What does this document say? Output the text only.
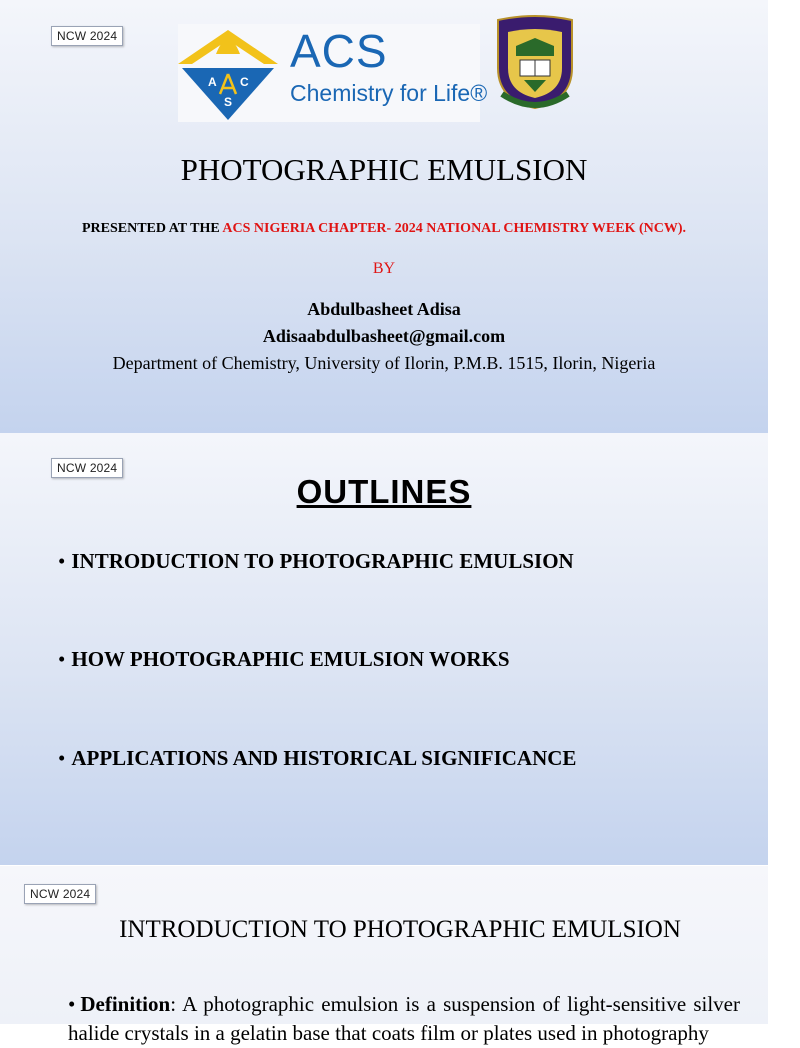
NCW 2024
A C
S
ACS
Chemistry for Life®
PHOTOGRAPHIC EMULSION
PRESENTED AT THE ACS NIGERIA CHAPTER- 2024 NATIONAL CHEMISTRY WEEK (NCW).
BY
Abdulbasheet Adisa
Adisaabdulbasheet@gmail.com
Department of Chemistry, University of Ilorin, P.M.B. 1515, Ilorin, Nigeria
NCW 2024
OUTLINES
• INTRODUCTION TO PHOTOGRAPHIC EMULSION
• HOW PHOTOGRAPHIC EMULSION WORKS
• APPLICATIONS AND HISTORICAL SIGNIFICANCE
NCW 2024
INTRODUCTION TO PHOTOGRAPHIC EMULSION
• Definition: A photographic emulsion is a suspension of light-sensitive silver halide crystals in a gelatin base that coats film or plates used in photography
